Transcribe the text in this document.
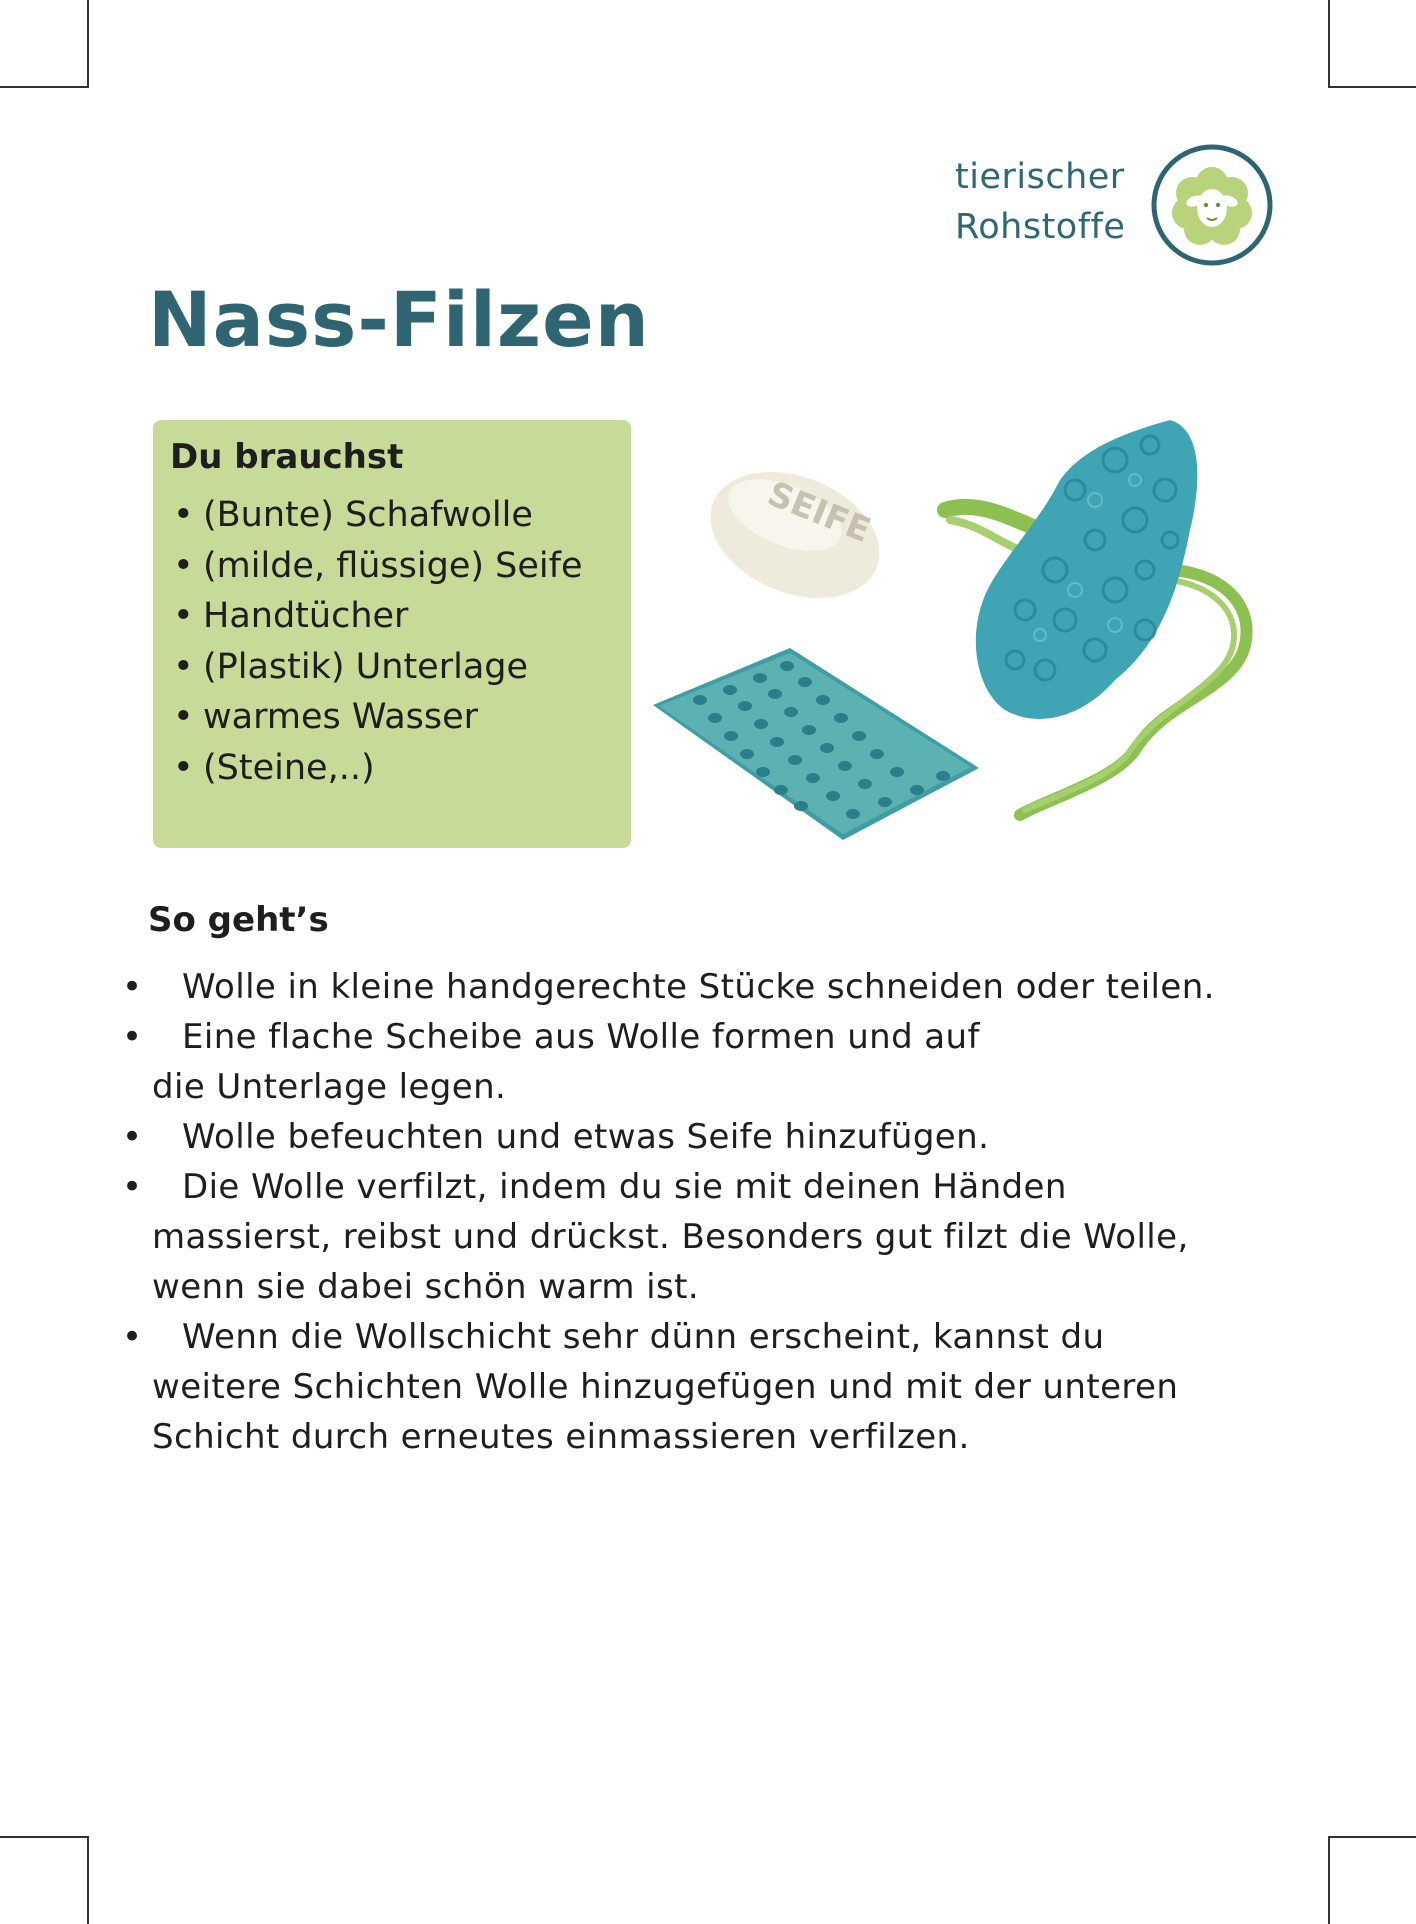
tierischer
Rohstoffe
Nass-Filzen
Du brauchst
• (Bunte) Schafwolle
• (milde, flüssige) Seife
• Handtücher
• (Plastik) Unterlage
• warmes Wasser
• (Steine,..)
SEIFE
So geht’s
• Wolle in kleine handgerechte Stücke schneiden oder teilen.
• Eine flache Scheibe aus Wolle formen und auf
die Unterlage legen.
• Wolle befeuchten und etwas Seife hinzufügen.
• Die Wolle verfilzt, indem du sie mit deinen Händen
massierst, reibst und drückst. Besonders gut filzt die Wolle,
wenn sie dabei schön warm ist.
• Wenn die Wollschicht sehr dünn erscheint, kannst du
weitere Schichten Wolle hinzugefügen und mit der unteren
Schicht durch erneutes einmassieren verfilzen.
